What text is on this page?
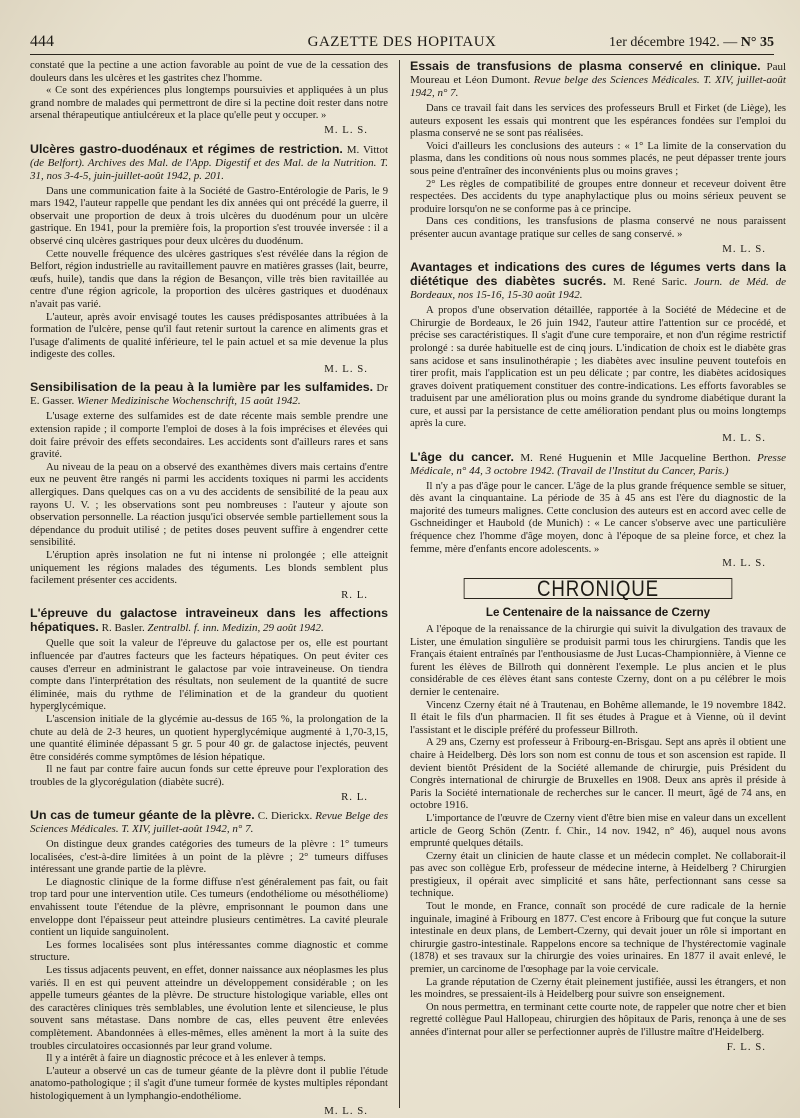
444	GAZETTE DES HOPITAUX	1er décembre 1942. — N° 35

constaté que la pectine a une action favorable au point de vue de la cessation des douleurs dans les ulcères et les gastrites chez l'homme.

« Ce sont des expériences plus longtemps poursuivies et appliquées à un plus grand nombre de malades qui permettront de dire si la pectine doit rester dans notre arsenal thérapeutique antiulcéreux et la place qu'elle peut y occuper. »

M. L. S.
Ulcères gastro-duodénaux et régimes de restriction. M. Vittot (de Belfort). Archives des Mal. de l'App. Digestif et des Mal. de la Nutrition. T. 31, nos 3-4-5, juin-juillet-août 1942, p. 201.

Dans une communication faite à la Société de Gastro-Entérologie de Paris, le 9 mars 1942, l'auteur rappelle que pendant les dix années qui ont précédé la guerre, il observait une proportion de deux à trois ulcères du duodénum pour un ulcère gastrique. En 1941, pour la première fois, la proportion s'est trouvée inversée : il a observé cinq ulcères gastriques pour deux ulcères du duodénum.

Cette nouvelle fréquence des ulcères gastriques s'est révélée dans la région de Belfort, région industrielle au ravitaillement pauvre en matières grasses (lait, beurre, œufs, huile), tandis que dans la région de Besançon, ville très bien ravitaillée au centre d'une région agricole, la proportion des ulcères gastriques et duodénaux n'avait pas varié.

L'auteur, après avoir envisagé toutes les causes prédisposantes attribuées à la formation de l'ulcère, pense qu'il faut retenir surtout la carence en aliments gras et l'usage d'aliments de qualité inférieure, tel le pain actuel et sa mie devenue la plus indigeste des colles.

M. L. S.
Sensibilisation de la peau à la lumière par les sulfamides. Dr E. Gasser. Wiener Medizinische Wochenschrift, 15 août 1942.

L'usage externe des sulfamides est de date récente mais semble prendre une extension rapide ; il comporte l'emploi de doses à la fois imprécises et élevées qui doit faire prévoir des effets secondaires. Les accidents sont d'ailleurs rares et sans gravité.

Au niveau de la peau on a observé des exanthèmes divers mais certains d'entre eux ne peuvent être rangés ni parmi les accidents toxiques ni parmi les accidents allergiques. Dans quelques cas on a vu des accidents de sensibilité de la peau aux rayons U. V. ; les observations sont peu nombreuses : l'auteur y ajoute son observation personnelle. La réaction jusqu'ici observée semble partiellement sous la dépendance du produit utilisé ; de petites doses peuvent suffire à engendrer cette sensibilité.

L'éruption après insolation ne fut ni intense ni prolongée ; elle atteignit uniquement les régions malades des téguments. Les blonds semblent plus facilement présenter ces accidents.

R. L.
L'épreuve du galactose intraveineux dans les affections hépatiques. R. Basler. Zentralbl. f. inn. Medizin, 29 août 1942.

Quelle que soit la valeur de l'épreuve du galactose per os, elle est pourtant influencée par d'autres facteurs que les facteurs hépatiques. On peut éviter ces causes d'erreur en administrant le galactose par voie intraveineuse. On tiendra compte dans l'interprétation des résultats, non seulement de la quantité de sucre éliminée, mais du rythme de l'élimination et de la grandeur du quotient hyperglycémique.

L'ascension initiale de la glycémie au-dessus de 165 %, la prolongation de la chute au delà de 2-3 heures, un quotient hyperglycémique augmenté à 1,70-3,15, une quantité éliminée dépassant 5 gr. 5 pour 40 gr. de galactose injectés, peuvent être considérés comme symptômes de lésion hépatique.

Il ne faut par contre faire aucun fonds sur cette épreuve pour l'exploration des troubles de la glycorégulation (diabète sucré).

R. L.
Un cas de tumeur géante de la plèvre. C. Dierickx. Revue Belge des Sciences Médicales. T. XIV, juillet-août 1942, n° 7.

On distingue deux grandes catégories des tumeurs de la plèvre : 1° tumeurs localisées, c'est-à-dire limitées à un point de la plèvre ; 2° tumeurs diffuses intéressant une grande partie de la plèvre.

Le diagnostic clinique de la forme diffuse n'est généralement pas fait, ou fait trop tard pour une intervention utile. Ces tumeurs (endothéliome ou mésothéliome) envahissent toute l'étendue de la plèvre, emprisonnant le poumon dans une enveloppe dont l'épaisseur peut atteindre plusieurs centimètres. La cavité pleurale contient un liquide sanguinolent.

Les formes localisées sont plus intéressantes comme diagnostic et comme structure.

Les tissus adjacents peuvent, en effet, donner naissance aux néoplasmes les plus variés. Il en est qui peuvent atteindre un développement considérable ; on les appelle tumeurs géantes de la plèvre. De structure histologique variable, elles ont des caractères cliniques très semblables, une évolution lente et silencieuse, le plus souvent sans métastase. Dans nombre de cas, elles peuvent être enlevées complètement. Abandonnées à elles-mêmes, elles amènent la mort à la suite des troubles circulatoires occasionnés par leur grand volume.

Il y a intérêt à faire un diagnostic précoce et à les enlever à temps.

L'auteur a observé un cas de tumeur géante de la plèvre dont il publie l'étude anatomo-pathologique ; il s'agit d'une tumeur formée de kystes multiples répondant histologiquement à un lymphangio-endothéliome.

M. L. S.
Essais de transfusions de plasma conservé en clinique. Paul Moureau et Léon Dumont. Revue belge des Sciences Médicales. T. XIV, juillet-août 1942, n° 7.

Dans ce travail fait dans les services des professeurs Brull et Firket (de Liège), les auteurs exposent les essais qui montrent que les espérances fondées sur l'emploi du plasma conservé ne se sont pas réalisées.

Voici d'ailleurs les conclusions des auteurs : « 1° La limite de la conservation du plasma, dans les conditions où nous nous sommes placés, ne peut dépasser trente jours sous peine d'entraîner des inconvénients plus ou moins graves ;

2° Les règles de compatibilité de groupes entre donneur et receveur doivent être respectées. Des accidents du type anaphylactique plus ou moins sérieux peuvent se produire lorsqu'on ne se conforme pas à ce principe.

Dans ces conditions, les transfusions de plasma conservé ne nous paraissent présenter aucun avantage pratique sur celles de sang conservé. »

M. L. S.
Avantages et indications des cures de légumes verts dans la diététique des diabètes sucrés. M. René Saric. Journ. de Méd. de Bordeaux, nos 15-16, 15-30 août 1942.

A propos d'une observation détaillée, rapportée à la Société de Médecine et de Chirurgie de Bordeaux, le 26 juin 1942, l'auteur attire l'attention sur ce procédé, et précise ses caractéristiques. Il s'agit d'une cure temporaire, et non d'un régime restrictif prolongé : sa durée habituelle est de cinq jours. L'indication de choix est le diabète gras sans acidose et sans insulinothérapie ; les diabètes avec insuline peuvent toutefois en tirer profit, mais l'application est un peu délicate ; par contre, les diabètes acidosiques graves doivent pratiquement constituer des contre-indications. Les efforts favorables se traduisent par une amélioration plus ou moins grande du syndrome diabétique durant la cure, et aussi par la persistance de cette amélioration pendant plus ou moins longtemps après la cure.

M. L. S.
L'âge du cancer. M. René Huguenin et Mlle Jacqueline Berthon. Presse Médicale, n° 44, 3 octobre 1942. (Travail de l'Institut du Cancer, Paris.)

Il n'y a pas d'âge pour le cancer. L'âge de la plus grande fréquence semble se situer, dès avant la cinquantaine. La période de 35 à 45 ans est l'ère du diagnostic de la majorité des tumeurs malignes. Cette conclusion des auteurs est en accord avec celle de Gschneidinger et Haubold (de Munich) : « Le cancer s'observe avec une particulière fréquence chez l'homme d'âge moyen, donc à l'époque de sa pleine force, et chez la femme, mère d'enfants encore adolescents. »

M. L. S.
CHRONIQUE
Le Centenaire de la naissance de Czerny

A l'époque de la renaissance de la chirurgie qui suivit la divulgation des travaux de Lister, une émulation singulière se produisit parmi tous les chirurgiens. Tandis que les Français étaient entraînés par l'enthousiasme de Just Lucas-Championnière, à Vienne ce furent les élèves de Billroth qui donnèrent l'exemple. Le plus ancien et le plus considérable de ces élèves étant sans conteste Czerny, dont on a pu célébrer le mois dernier le centenaire.

Vincenz Czerny était né à Trautenau, en Bohême allemande, le 19 novembre 1842. Il était le fils d'un pharmacien. Il fit ses études à Prague et à Vienne, où il devint l'assistant et le disciple préféré du professeur Billroth.

A 29 ans, Czerny est professeur à Fribourg-en-Brisgau. Sept ans après il obtient une chaire à Heidelberg. Dès lors son nom est connu de tous et son ascension est rapide. Il devient bientôt Président de la Société allemande de chirurgie, puis Président du Congrès international de chirurgie de Bruxelles en 1908. Deux ans après il préside à Paris la Société internationale de recherches sur le cancer. Il meurt, âgé de 74 ans, en octobre 1916.

L'importance de l'œuvre de Czerny vient d'être bien mise en valeur dans un excellent article de Georg Schön (Zentr. f. Chir., 14 nov. 1942, n° 46), auquel nous avons emprunté quelques détails.

Czerny était un clinicien de haute classe et un médecin complet. Ne collaborait-il pas avec son collègue Erb, professeur de médecine interne, à Heidelberg ? Chirurgien prestigieux, il opérait avec simplicité et sans hâte, perfectionnant sans cesse sa technique.

Tout le monde, en France, connaît son procédé de cure radicale de la hernie inguinale, imaginé à Fribourg en 1877. C'est encore à Fribourg que fut conçue la suture intestinale en deux plans, de Lembert-Czerny, qui devait jouer un rôle si important en chirurgie gastro-intestinale. Rappelons encore sa technique de l'hystérectomie vaginale (1878) et ses travaux sur la chirurgie des voies urinaires. En 1877 il avait enlevé, le premier, un carcinome de l'œsophage par la voie cervicale.

La grande réputation de Czerny était pleinement justifiée, aussi les étrangers, et non les moindres, se pressaient-ils à Heidelberg pour suivre son enseignement.

On nous permettra, en terminant cette courte note, de rappeler que notre cher et bien regretté collègue Paul Hallopeau, chirurgien des hôpitaux de Paris, renonça à une de ses années d'internat pour aller se perfectionner auprès de l'illustre maître d'Heidelberg.

F. L. S.
